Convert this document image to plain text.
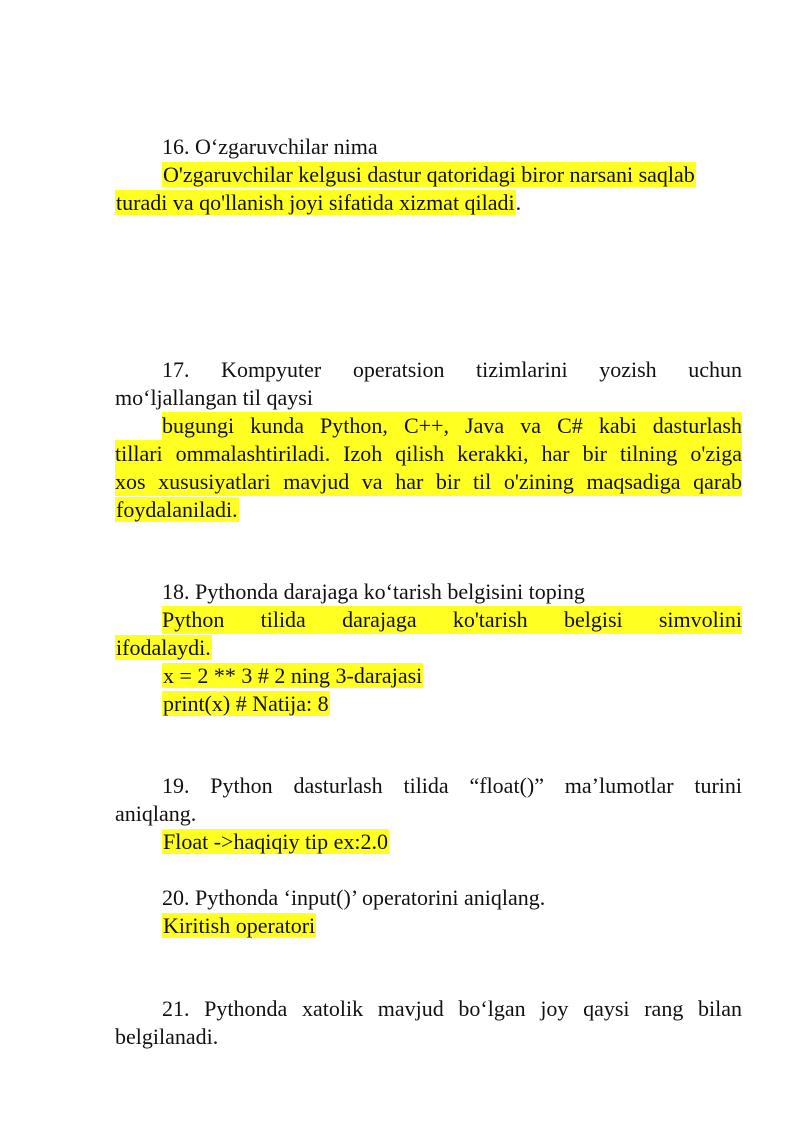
16. O‘zgaruvchilar nima
O'zgaruvchilar kelgusi dastur qatoridagi biror narsani saqlab
turadi va qo'llanish joyi sifatida xizmat qiladi.
17. Kompyuter operatsion tizimlarini yozish uchun
mo‘ljallangan til qaysi
bugungi kunda Python, C++, Java va C# kabi dasturlash
tillari ommalashtiriladi. Izoh qilish kerakki, har bir tilning o'ziga
xos xususiyatlari mavjud va har bir til o'zining maqsadiga qarab
foydalaniladi.
18. Pythonda darajaga ko‘tarish belgisini toping
Python tilida darajaga ko'tarish belgisi simvolini
ifodalaydi.
x = 2 ** 3 # 2 ning 3-darajasi
print(x) # Natija: 8
19. Python dasturlash tilida “float()” ma’lumotlar turini
aniqlang.
Float ->haqiqiy tip ex:2.0
20. Pythonda ‘input()’ operatorini aniqlang.
Kiritish operatori
21. Pythonda xatolik mavjud bo‘lgan joy qaysi rang bilan
belgilanadi.
